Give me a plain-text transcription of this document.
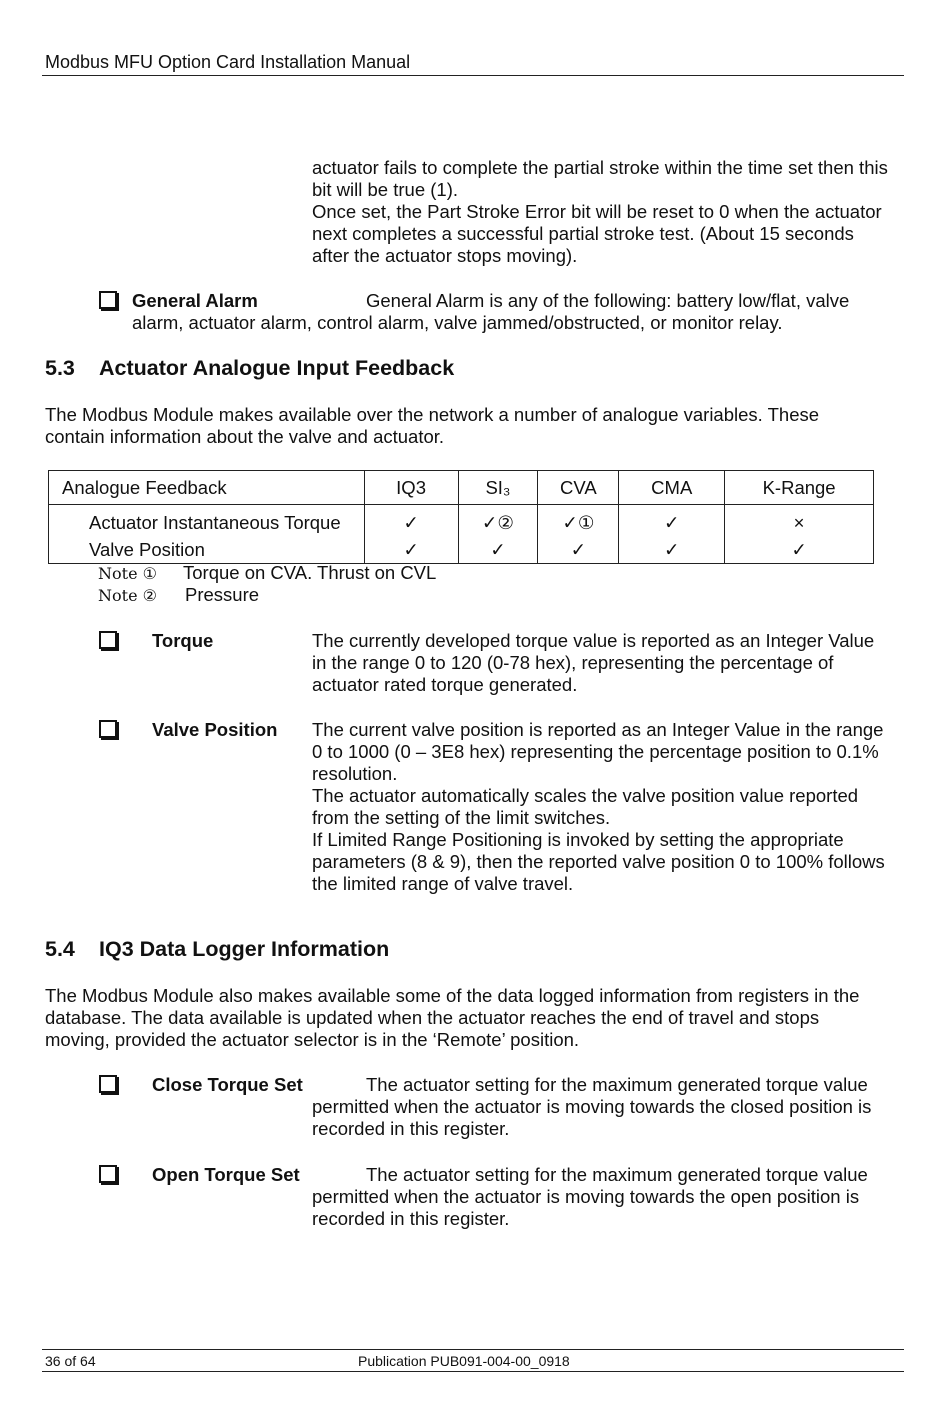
Modbus MFU Option Card Installation Manual
actuator fails to complete the partial stroke within the time set then this
bit will be true (1).
Once set, the Part Stroke Error bit will be reset to 0 when the actuator
next completes a successful partial stroke test. (About 15 seconds
after the actuator stops moving).
General Alarm	General Alarm is any of the following: battery low/flat, valve
alarm, actuator alarm, control alarm, valve jammed/obstructed, or monitor relay.
5.3 Actuator Analogue Input Feedback
The Modbus Module makes available over the network a number of analogue variables. These
contain information about the valve and actuator.
Analogue Feedback	IQ3	SI₃	CVA	CMA	K-Range
Actuator Instantaneous Torque	✓	✓②	✓①	✓	×
Valve Position	✓	✓	✓	✓	✓
Note ① Torque on CVA. Thrust on CVL
Note ② Pressure
Torque	The currently developed torque value is reported as an Integer Value
in the range 0 to 120 (0-78 hex), representing the percentage of
actuator rated torque generated.
Valve Position The current valve position is reported as an Integer Value in the range
0 to 1000 (0 – 3E8 hex) representing the percentage position to 0.1%
resolution.
The actuator automatically scales the valve position value reported
from the setting of the limit switches.
If Limited Range Positioning is invoked by setting the appropriate
parameters (8 & 9), then the reported valve position 0 to 100% follows
the limited range of valve travel.
5.4 IQ3 Data Logger Information
The Modbus Module also makes available some of the data logged information from registers in the
database. The data available is updated when the actuator reaches the end of travel and stops
moving, provided the actuator selector is in the ‘Remote’ position.
Close Torque Set	The actuator setting for the maximum generated torque value
permitted when the actuator is moving towards the closed position is
recorded in this register.
Open Torque Set	The actuator setting for the maximum generated torque value
permitted when the actuator is moving towards the open position is
recorded in this register.
36 of 64	Publication PUB091-004-00_0918
